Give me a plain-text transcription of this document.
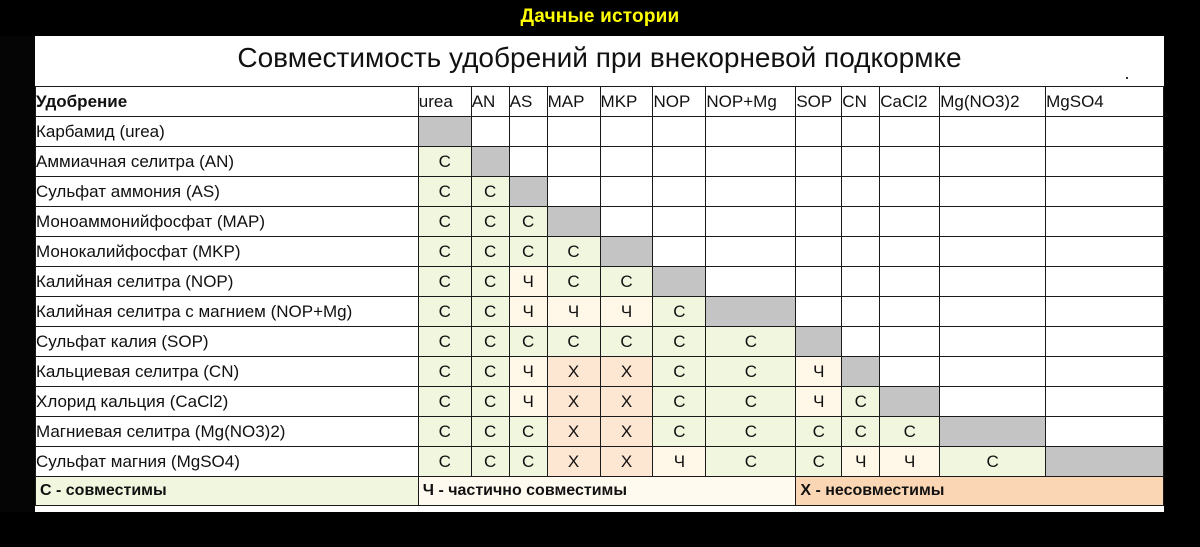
Дачные истории
Совместимость удобрений при внекорневой подкормке
Удобрение	urea	AN	AS	MAP	MKP	NOP	NOP+Mg	SOP	CN	CaCl2	Mg(NO3)2	MgSO4
Карбамид (urea)												
Аммиачная селитра (AN)	С											
Сульфат аммония (AS)	С	С										
Моноаммонийфосфат (MAP)	С	С	С									
Монокалийфосфат (MKP)	С	С	С	С								
Калийная селитра (NOP)	С	С	Ч	С	С							
Калийная селитра с магнием (NOP+Mg)	С	С	Ч	Ч	Ч	С						
Сульфат калия (SOP)	С	С	С	С	С	С	С					
Кальциевая селитра (CN)	С	С	Ч	Х	Х	С	С	Ч				
Хлорид кальция (CaCl2)	С	С	Ч	Х	Х	С	С	Ч	С			
Магниевая селитра (Mg(NO3)2)	С	С	С	Х	Х	С	С	С	С	С		
Сульфат магния (MgSO4)	С	С	С	Х	Х	Ч	С	С	Ч	Ч	С	
С - совместимы	Ч - частично совместимы							Х - несовместимы				
